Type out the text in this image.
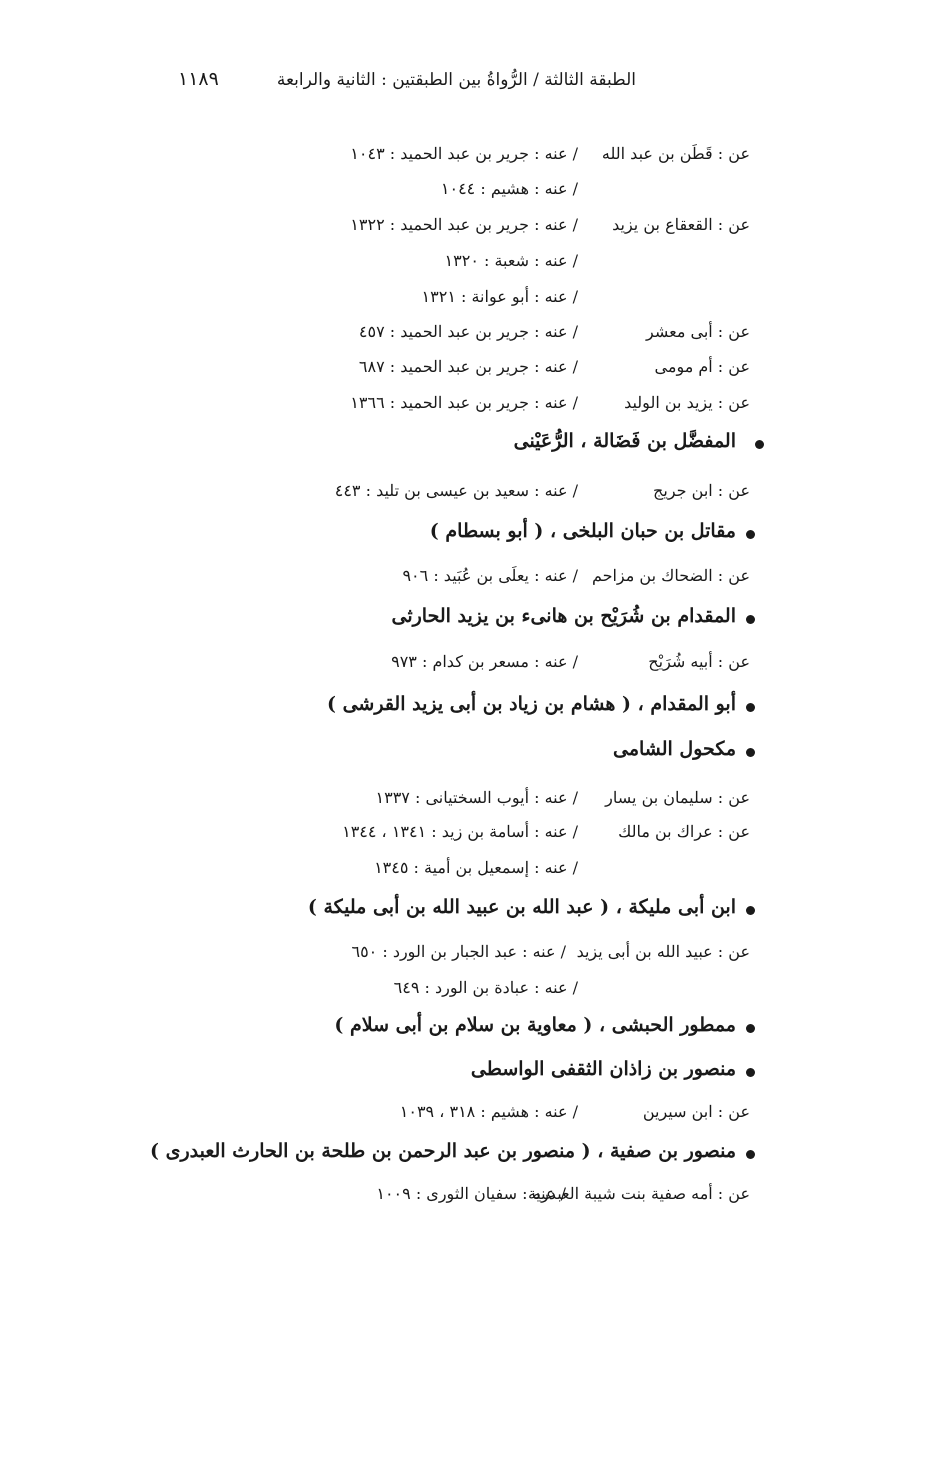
الطبقة الثالثة / الرُّواةُ بين الطبقتين : الثانية والرابعة
١١٨٩
عن : قَطَن بن عبد الله
/ عنه : جرير بن عبد الحميد : ١٠٤٣
/ عنه : هشيم : ١٠٤٤
عن : القعقاع بن يزيد
/ عنه : جرير بن عبد الحميد : ١٣٢٢
/ عنه : شعبة : ١٣٢٠
/ عنه : أبو عوانة : ١٣٢١
عن : أبى معشر
/ عنه : جرير بن عبد الحميد : ٤٥٧
عن : أم مومى
/ عنه : جرير بن عبد الحميد : ٦٨٧
عن : يزيد بن الوليد
/ عنه : جرير بن عبد الحميد : ١٣٦٦
المفضَّل بن فَضَالة ، الرُّعَيْنى
عن : ابن جريج
/ عنه : سعيد بن عيسى بن تليد : ٤٤٣
مقاتل بن حبان البلخى ، ( أبو بسطام )
عن : الضحاك بن مزاحم
/ عنه : يعلَى بن عُبَيد : ٩٠٦
المقدام بن شُرَيْح بن هانىء بن يزيد الحارثى
عن : أبيه شُرَيْح
/ عنه : مسعر بن كدام : ٩٧٣
أبو المقدام ، ( هشام بن زياد بن أبى يزيد القرشى )
مكحول الشامى
عن : سليمان بن يسار
/ عنه : أيوب السختيانى : ١٣٣٧
عن : عراك بن مالك
/ عنه : أسامة بن زيد : ١٣٤١ ، ١٣٤٤
/ عنه : إسمعيل بن أمية : ١٣٤٥
ابن أبى مليكة ، ( عبد الله بن عبيد الله بن أبى مليكة )
عن : عبيد الله بن أبى يزيد
/ عنه : عبد الجبار بن الورد : ٦٥٠
/ عنه : عبادة بن الورد : ٦٤٩
ممطور الحبشى ، ( معاوية بن سلام بن أبى سلام )
منصور بن زاذان الثقفى الواسطى
عن : ابن سيرين
/ عنه : هشيم : ٣١٨ ، ١٠٣٩
منصور بن صفية ، ( منصور بن عبد الرحمن بن طلحة بن الحارث العبدرى )
عن : أمه صفية بنت شيبة العبدرية
/ عنه : سفيان الثورى : ١٠٠٩
